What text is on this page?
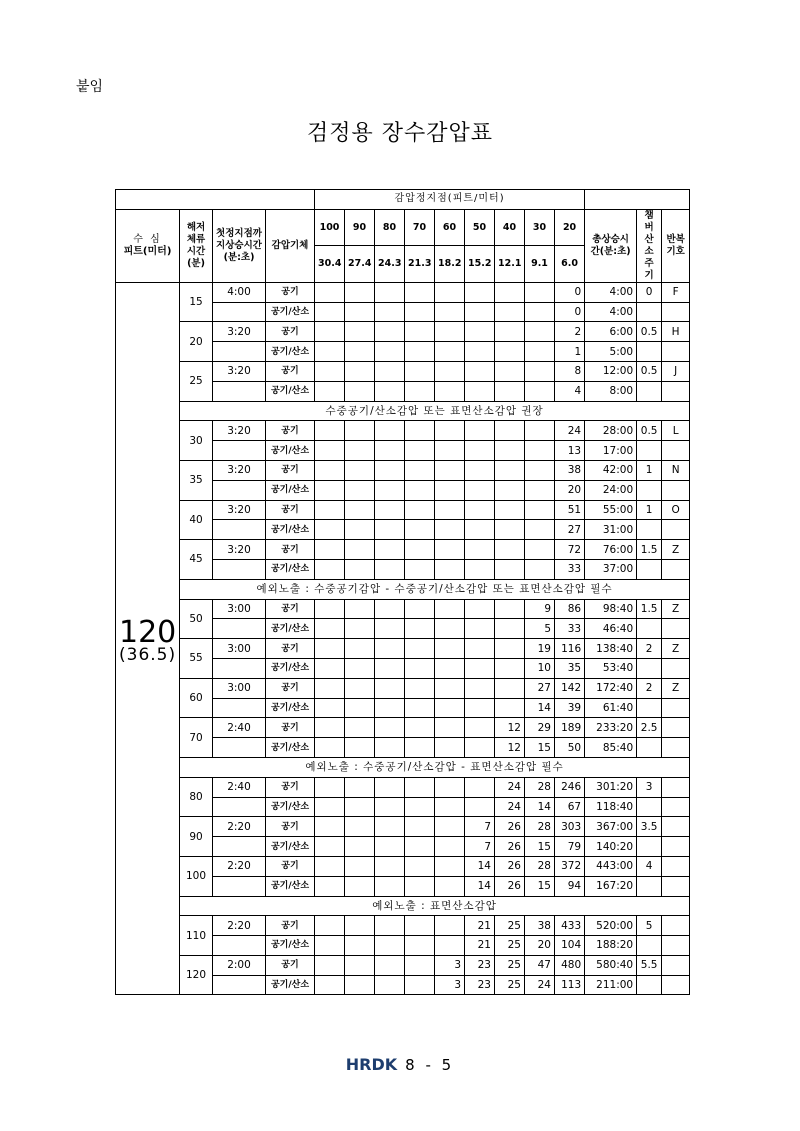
붙임
검정용 장수감압표
				감압정지점(피트/미터)											

수 심
피트(미터)	해저체류시간(분)	첫정지점까지상승시간(분:초)	감압기체	100	90	80	70	60	50	40	30	20	총상승시간(분:초)	챔버산소주기	반복기호
				30.4	27.4	24.3	21.3	18.2	15.2	12.1	9.1	6.0			

120
(36.5)	15	4:00	공기									0	4:00	0	F
			공기/산소									0	4:00		
	20	3:20	공기									2	6:00	0.5	H
			공기/산소									1	5:00		
	25	3:20	공기									8	12:00	0.5	J
			공기/산소									4	8:00		
	수중공기/산소감압 또는 표면산소감압 권장														
	30	3:20	공기									24	28:00	0.5	L
			공기/산소									13	17:00		
	35	3:20	공기									38	42:00	1	N
			공기/산소									20	24:00		
	40	3:20	공기									51	55:00	1	O
			공기/산소									27	31:00		
	45	3:20	공기									72	76:00	1.5	Z
			공기/산소									33	37:00		
	예외노출 : 수중공기감압 - 수중공기/산소감압 또는 표면산소감압 필수														
	50	3:00	공기								9	86	98:40	1.5	Z
			공기/산소								5	33	46:40		
	55	3:00	공기								19	116	138:40	2	Z
			공기/산소								10	35	53:40		
	60	3:00	공기								27	142	172:40	2	Z
			공기/산소								14	39	61:40		
	70	2:40	공기							12	29	189	233:20	2.5	
			공기/산소							12	15	50	85:40		
	예외노출 : 수중공기/산소감압 - 표면산소감압 필수														
	80	2:40	공기							24	28	246	301:20	3	
			공기/산소							24	14	67	118:40		
	90	2:20	공기						7	26	28	303	367:00	3.5	
			공기/산소						7	26	15	79	140:20		
	100	2:20	공기						14	26	28	372	443:00	4	
			공기/산소						14	26	15	94	167:20		
	예외노출 : 표면산소감압														
	110	2:20	공기						21	25	38	433	520:00	5	
			공기/산소						21	25	20	104	188:20		
	120	2:00	공기					3	23	25	47	480	580:40	5.5	
			공기/산소					3	23	25	24	113	211:00		
HRDK 8 - 5
